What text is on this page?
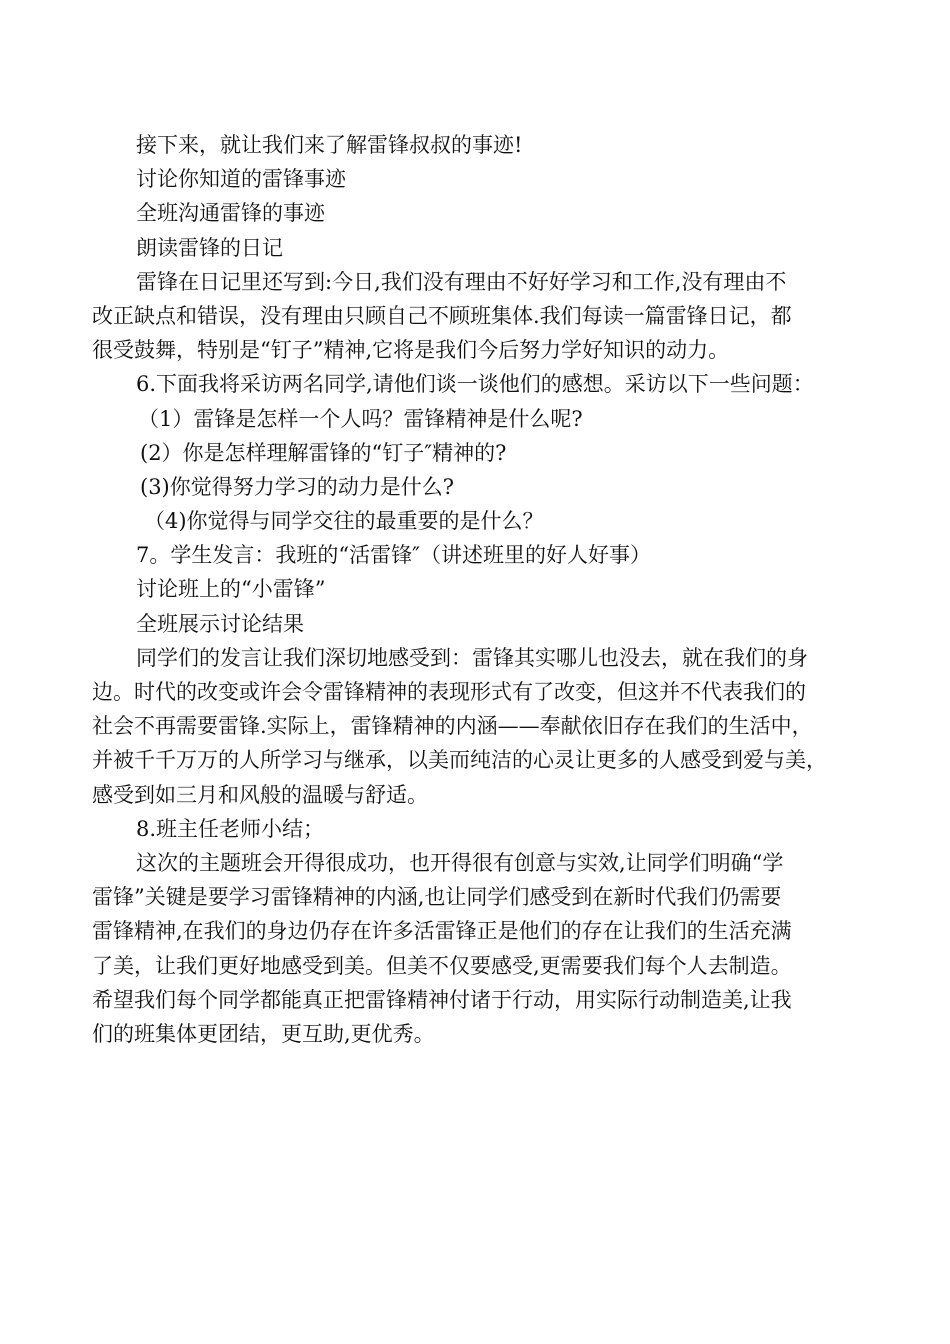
接下来，就让我们来了解雷锋叔叔的事迹!
讨论你知道的雷锋事迹
全班沟通雷锋的事迹
朗读雷锋的日记
雷锋在日记里还写到:今日,我们没有理由不好好学习和工作,没有理由不
改正缺点和错误，没有理由只顾自己不顾班集体.我们每读一篇雷锋日记，都
很受鼓舞，特别是“钉子”精神,它将是我们今后努力学好知识的动力。
6.下面我将采访两名同学,请他们谈一谈他们的感想。采访以下一些问题：
（1）雷锋是怎样一个人吗？雷锋精神是什么呢?
(2）你是怎样理解雷锋的“钉子″精神的?
(3)你觉得努力学习的动力是什么?
（4)你觉得与同学交往的最重要的是什么？
7。学生发言：我班的“活雷锋″（讲述班里的好人好事）
讨论班上的“小雷锋”
全班展示讨论结果
同学们的发言让我们深切地感受到：雷锋其实哪儿也没去，就在我们的身
边。时代的改变或许会令雷锋精神的表现形式有了改变，但这并不代表我们的
社会不再需要雷锋.实际上，雷锋精神的内涵——奉献依旧存在我们的生活中，
并被千千万万的人所学习与继承，以美而纯洁的心灵让更多的人感受到爱与美，
感受到如三月和风般的温暖与舒适。
8.班主任老师小结；
这次的主题班会开得很成功，也开得很有创意与实效,让同学们明确“学
雷锋”关键是要学习雷锋精神的内涵,也让同学们感受到在新时代我们仍需要
雷锋精神,在我们的身边仍存在许多活雷锋正是他们的存在让我们的生活充满
了美，让我们更好地感受到美。但美不仅要感受,更需要我们每个人去制造。
希望我们每个同学都能真正把雷锋精神付诸于行动，用实际行动制造美,让我
们的班集体更团结，更互助,更优秀。
